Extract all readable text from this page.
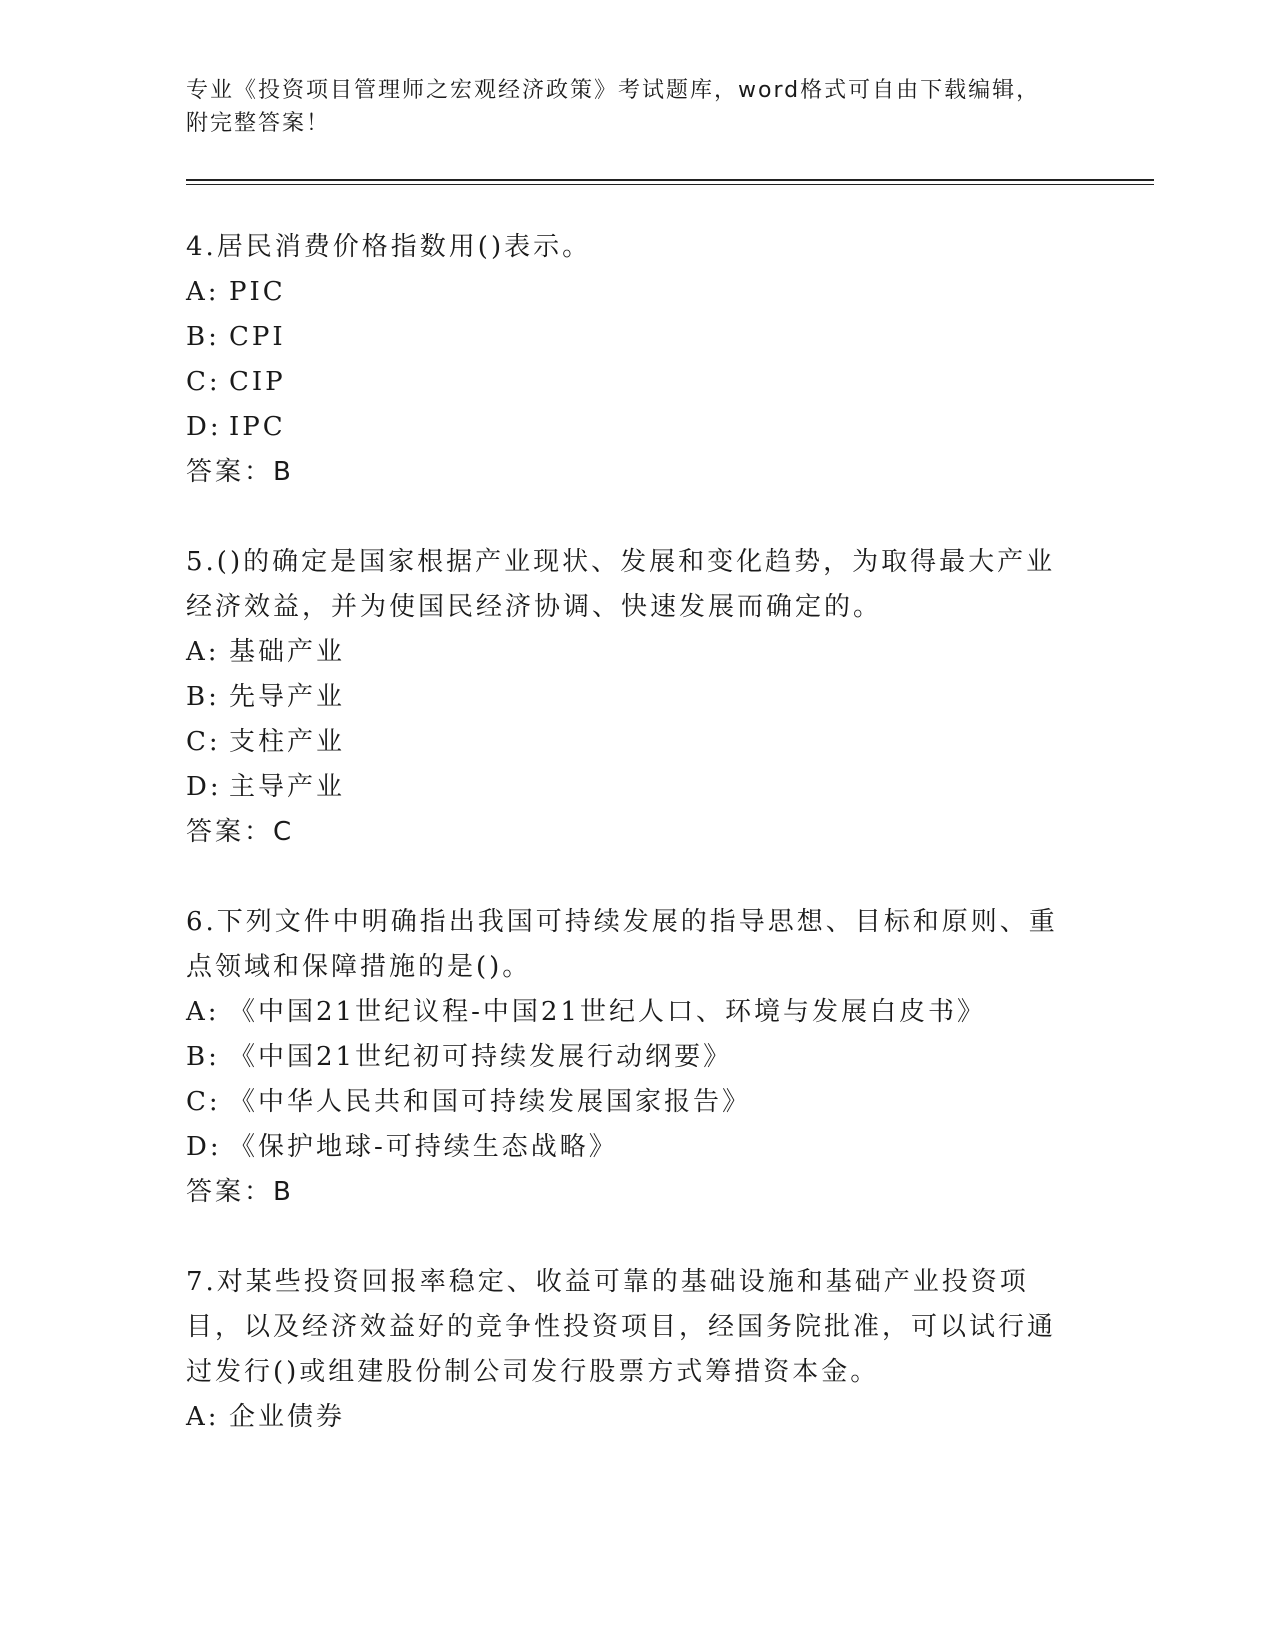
专业《投资项目管理师之宏观经济政策》考试题库，word格式可自由下载编辑，
附完整答案！

4.居民消费价格指数用()表示。

A: PIC

B: CPI

C: CIP

D: IPC

答案：B

5.()的确定是国家根据产业现状、发展和变化趋势，为取得最大产业经济效益，并为使国民经济协调、快速发展而确定的。

A: 基础产业

B: 先导产业

C: 支柱产业

D: 主导产业

答案：C

6.下列文件中明确指出我国可持续发展的指导思想、目标和原则、重点领域和保障措施的是()。

A: 《中国21世纪议程-中国21世纪人口、环境与发展白皮书》

B: 《中国21世纪初可持续发展行动纲要》

C: 《中华人民共和国可持续发展国家报告》

D: 《保护地球-可持续生态战略》

答案：B

7.对某些投资回报率稳定、收益可靠的基础设施和基础产业投资项目，以及经济效益好的竞争性投资项目，经国务院批准，可以试行通过发行()或组建股份制公司发行股票方式筹措资本金。

A: 企业债券
